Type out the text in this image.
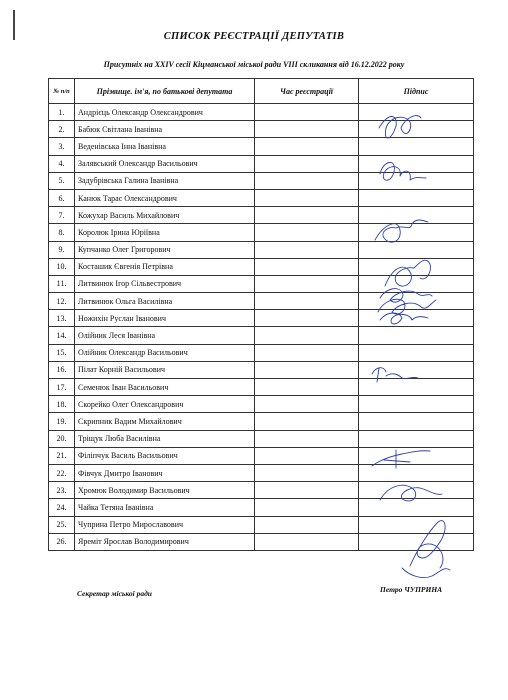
СПИСОК РЕЄСТРАЦІЇ ДЕПУТАТІВ
Присутніх на XXIV сесії Кіцманської міської ради VIII скликання від 16.12.2022 року
№ п/п	Прізвище. ім'я, по батькові депутата	Час реєстрації	Підпис
1.	Андрієць Олександр Олександрович		
2.	Бабюк Світлана Іванівна		
3.	Веденівська Інна Іванівна		
4.	Залявський Олександр Васильович		
5.	Задубрівська Галина Іванівна		
6.	Канюк Тарас Олександрович		
7.	Кожухар Василь Михайлович		
8.	Королюк Ірина Юріївна		
9.	Купчанко Олег Григорович		
10.	Косташик Євгенія Петрівна		
11.	Литвинюк Ігор Сільвестрович		
12.	Литвинюк Ольга Василівна		
13.	Ножихін Руслан Іванович		
14.	Олійник Леся Іванівна		
15.	Олійник Олександр Васильович		
16.	Пілат Корній Васильович		
17.	Семенюк Іван Васильович		
18.	Скорейко Олег Олександрович		
19.	Скрипник Вадим Михайлович		
20.	Тріщук Люба Василівна		
21.	Філіпчук Василь Васильович		
22.	Фівчук Дмитро Іванович		
23.	Хромюк Володимир Васильович		
24.	Чайка Тетяна Іванівна		
25.	Чуприна Петро Мирославович		
26.	Яреміт Ярослав Володимирович		
Секретар міської ради	Петро ЧУПРИНА
